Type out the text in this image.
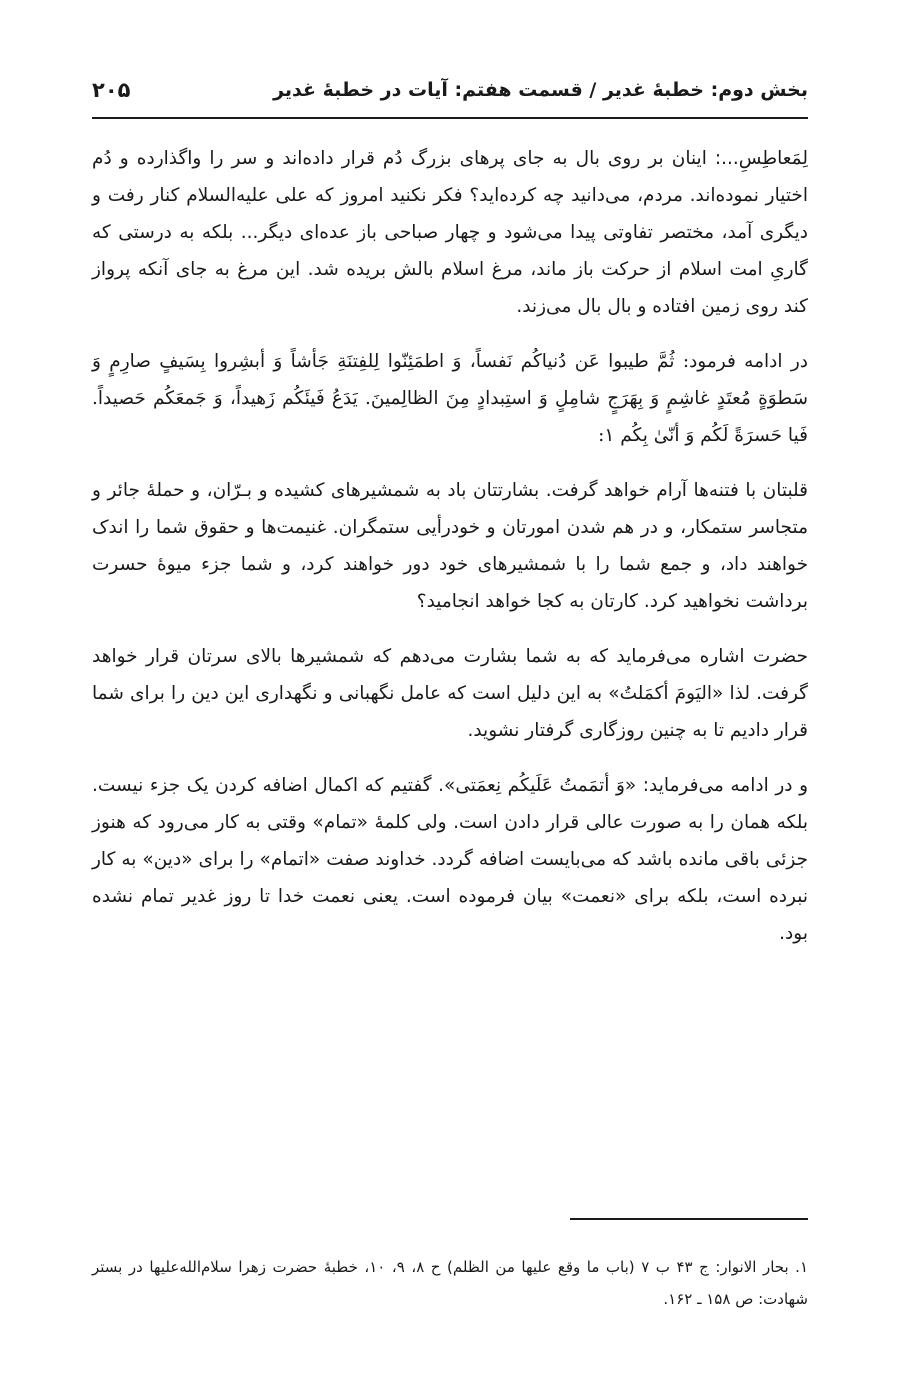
بخش دوم: خطبهٔ غدیر / قسمت هفتم: آیات در خطبهٔ غدیر
۲۰۵

لِمَعاطِسِ...: اینان بر روی بال به جای پرهای بزرگ دُم قرار داده‌اند و سر را واگذارده و دُم اختیار نموده‌اند. مردم، می‌دانید چه کرده‌اید؟ فکر نکنید امروز که علی علیه‌السلام کنار رفت و دیگری آمد، مختصر تفاوتی پیدا می‌شود و چهار صباحی باز عده‌ای دیگر... بلکه به درستی که گاریِ امت اسلام از حرکت باز ماند، مرغ اسلام بالش بریده شد. این مرغ به جای آنکه پرواز کند روی زمین افتاده و بال بال می‌زند.

در ادامه فرمود: ثُمَّ طیبوا عَن دُنیاکُم نَفساً، وَ اطمَئِنّوا لِلفِتنَةِ جَأشاً وَ أبشِروا بِسَیفٍ صارِمٍ وَ سَطوَةٍ مُعتَدٍ غاشِمٍ وَ بِهَرَجٍ شامِلٍ وَ استِبدادٍ مِنَ الظالِمینَ. یَدَعُ فَیئَکُم زَهیداً، وَ جَمعَکُم حَصیداً. فَیا حَسرَةً لَکُم وَ أنّیٰ بِکُم ۱:

قلبتان با فتنه‌ها آرام خواهد گرفت. بشارتتان باد به شمشیرهای کشیده و بـرّان، و حملهٔ جائر و متجاسر ستمکار، و در هم شدن امورتان و خودرأیی ستمگران. غنیمت‌ها و حقوق شما را اندک خواهند داد، و جمع شما را با شمشیرهای خود دور خواهند کرد، و شما جزء میوهٔ حسرت برداشت نخواهید کرد. کارتان به کجا خواهد انجامید؟

حضرت اشاره می‌فرماید که به شما بشارت می‌دهم که شمشیرها بالای سرتان قرار خواهد گرفت. لذا «الیَومَ أکمَلتُ» به این دلیل است که عامل نگهبانی و نگهداری این دین را برای شما قرار دادیم تا به چنین روزگاری گرفتار نشوید.

و در ادامه می‌فرماید: «وَ أتمَمتُ عَلَیکُم نِعمَتی». گفتیم که اکمال اضافه کردن یک جزء نیست. بلکه همان را به صورت عالی قرار دادن است. ولی کلمهٔ «تمام» وقتی به کار می‌رود که هنوز جزئی باقی مانده باشد که می‌بایست اضافه گردد. خداوند صفت «اتمام» را برای «دین» به کار نبرده است، بلکه برای «نعمت» بیان فرموده است. یعنی نعمت خدا تا روز غدیر تمام نشده بود.

۱. بحار الانوار: ج ۴۳ ب ۷ (باب ما وقع علیها من الظلم) ح ۸، ۹، ۱۰، خطبهٔ حضرت زهرا سلام‌الله‌علیها در بستر شهادت: ص ۱۵۸ ـ ۱۶۲.
